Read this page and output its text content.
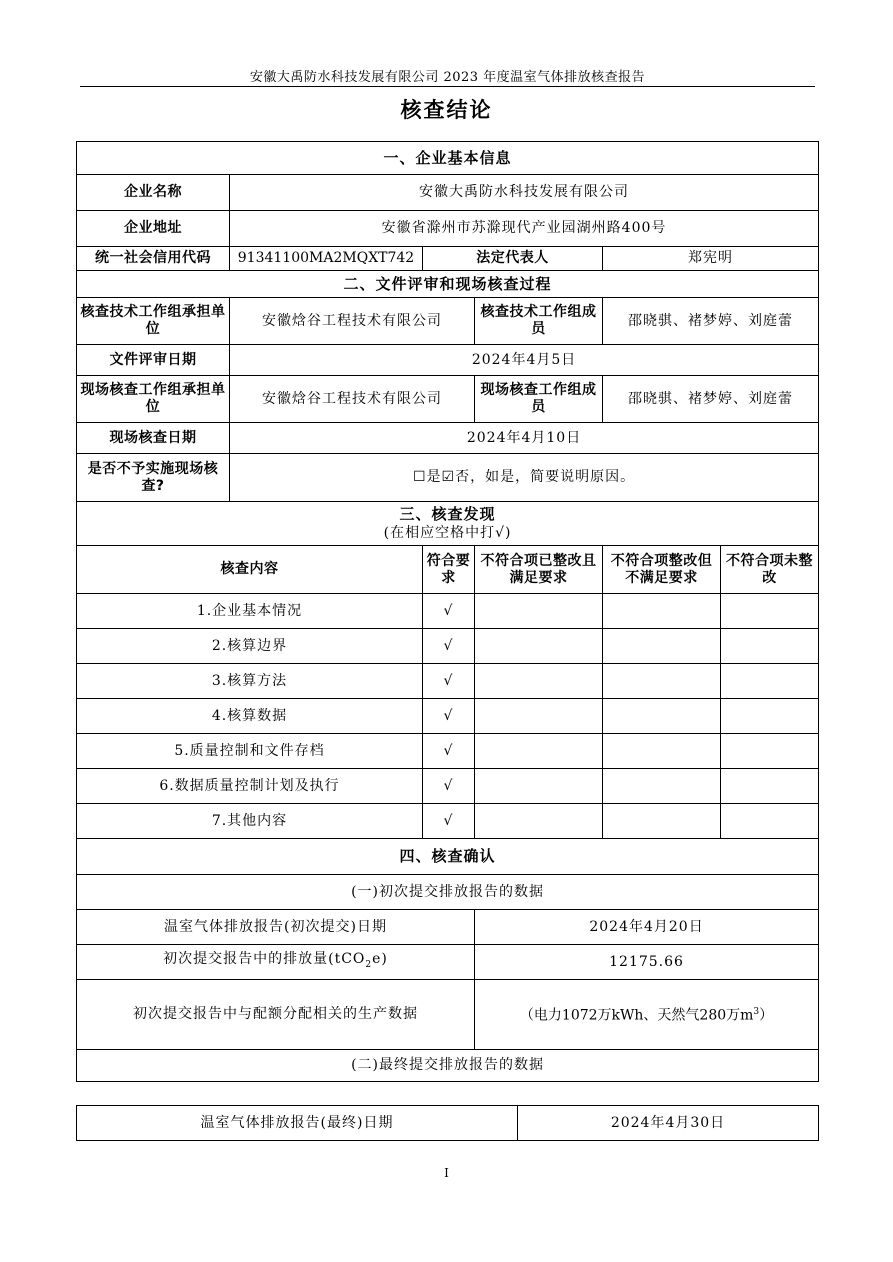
安徽大禹防水科技发展有限公司 2023 年度温室气体排放核查报告
核查结论
一、企业基本信息					
企业名称	安徽大禹防水科技发展有限公司				
企业地址	安徽省滁州市苏滁现代产业园湖州路400号				
统一社会信用代码	91341100MA2MQXT742	法定代表人		郑宪明	
二、文件评审和现场核查过程					
核查技术工作组承担单位	安徽焓谷工程技术有限公司		核查技术工作组成员	邵晓骐、褚梦婷、刘庭蕾	
文件评审日期	2024年4月5日				
现场核查工作组承担单位	安徽焓谷工程技术有限公司		现场核查工作组成员	邵晓骐、褚梦婷、刘庭蕾	
现场核查日期	2024年4月10日				
是否不予实施现场核查?	☐是☑否，如是，简要说明原因。				
三、核查发现
(在相应空格中打√)					

核查内容		符合要求	不符合项已整改且满足要求	不符合项整改但不满足要求	不符合项未整改
1.企业基本情况		√			
2.核算边界		√			
3.核算方法		√			
4.核算数据		√			
5.质量控制和文件存档		√			
6.数据质量控制计划及执行		√			
7.其他内容		√			
四、核查确认					
(一)初次提交排放报告的数据					
温室气体排放报告(初次提交)日期			2024年4月20日		
初次提交报告中的排放量(tCO$_2$e)			12175.66		
初次提交报告中与配额分配相关的生产数据			（电力1072万kWh、天然气280万$m^3$）		
(二)最终提交排放报告的数据					
温室气体排放报告(最终)日期	2024年4月30日
I
